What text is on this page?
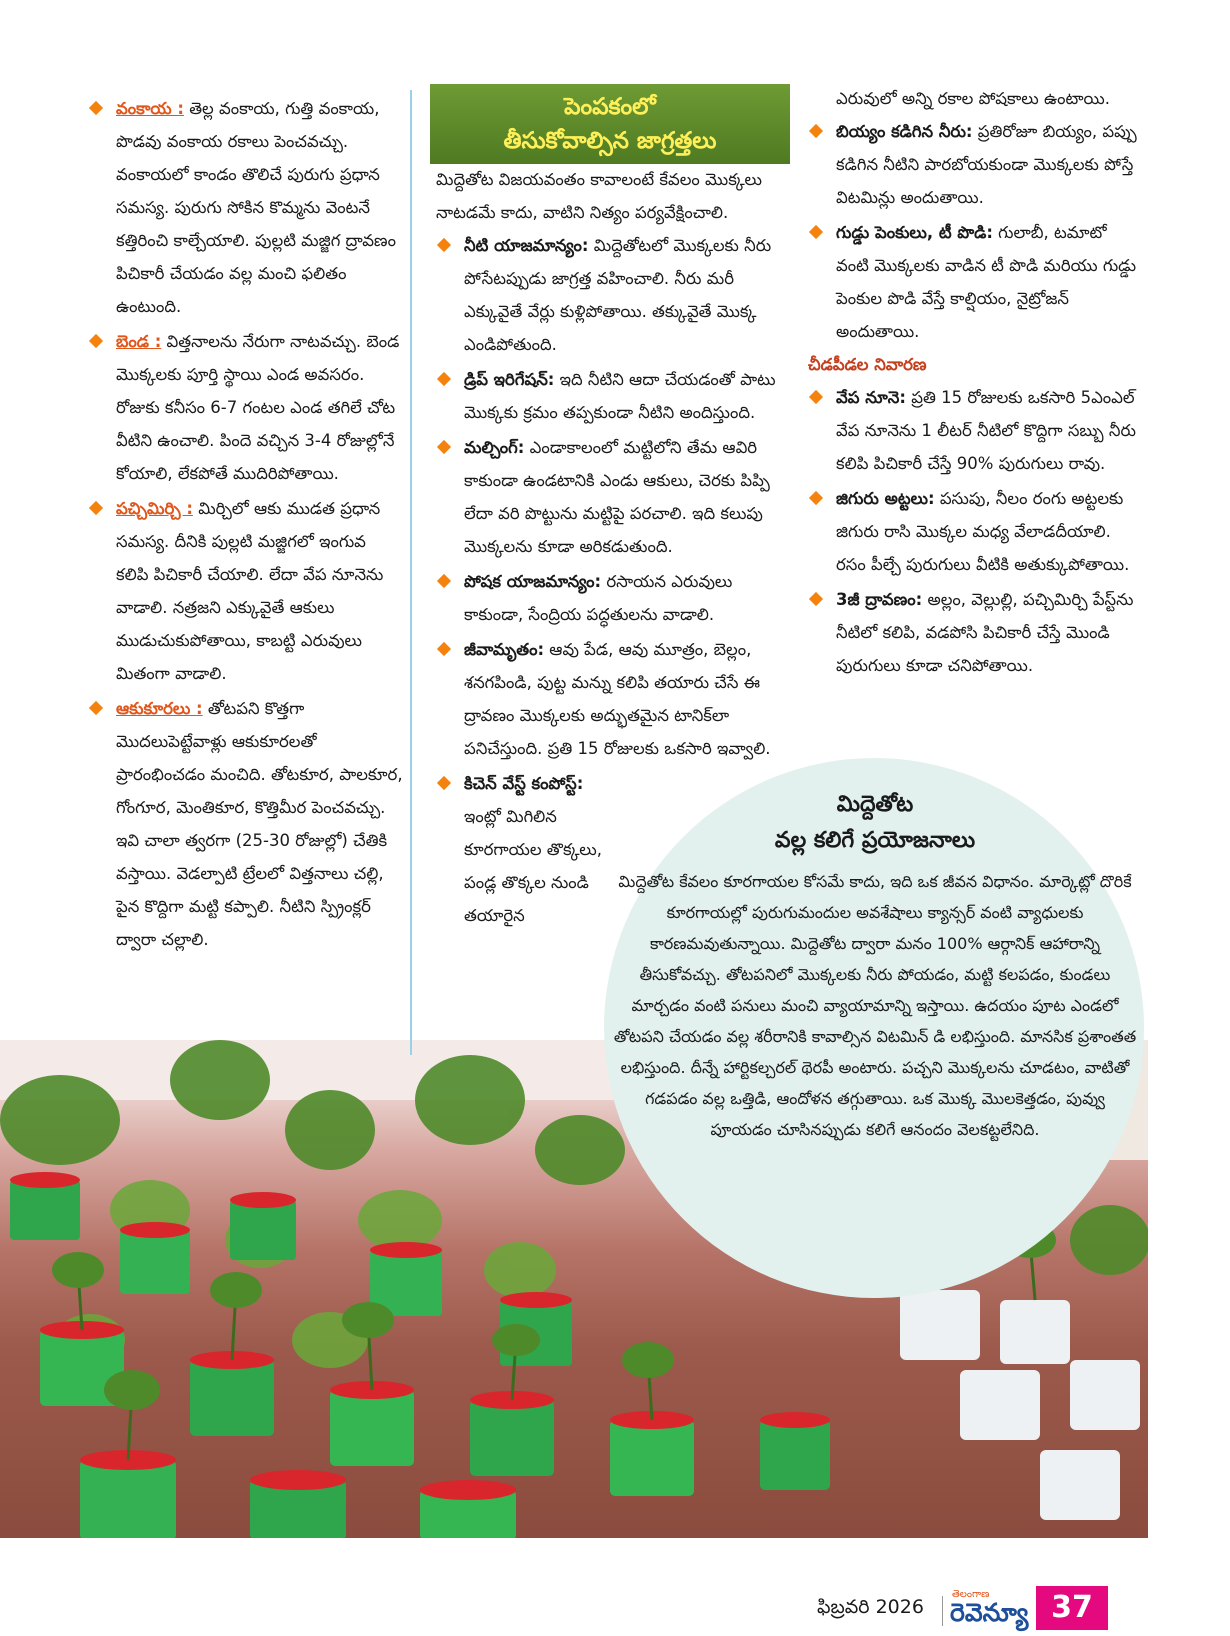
వంకాయ : తెల్ల వంకాయ, గుత్తి వంకాయ, పొడవు వంకాయ రకాలు పెంచవచ్చు. వంకాయలో కాండం తొలిచే పురుగు ప్రధాన సమస్య. పురుగు సోకిన కొమ్మను వెంటనే కత్తిరించి కాల్చేయాలి. పుల్లటి మజ్జిగ ద్రావణం పిచికారీ చేయడం వల్ల మంచి ఫలితం ఉంటుంది.

బెండ : విత్తనాలను నేరుగా నాటవచ్చు. బెండ మొక్కలకు పూర్తి స్థాయి ఎండ అవసరం. రోజుకు కనీసం 6-7 గంటల ఎండ తగిలే చోట వీటిని ఉంచాలి. పిందె వచ్చిన 3-4 రోజుల్లోనే కోయాలి, లేకపోతే ముదిరిపోతాయి.

పచ్చిమిర్చి : మిర్చిలో ఆకు ముడత ప్రధాన సమస్య. దీనికి పుల్లటి మజ్జిగలో ఇంగువ కలిపి పిచికారీ చేయాలి. లేదా వేప నూనెను వాడాలి. నత్రజని ఎక్కువైతే ఆకులు ముడుచుకుపోతాయి, కాబట్టి ఎరువులు మితంగా వాడాలి.

ఆకుకూరలు : తోటపని కొత్తగా మొదలుపెట్టేవాళ్లు ఆకుకూరలతో ప్రారంభించడం మంచిది. తోటకూర, పాలకూర, గోంగూర, మెంతికూర, కొత్తిమీర పెంచవచ్చు. ఇవి చాలా త్వరగా (25-30 రోజుల్లో) చేతికి వస్తాయి. వెడల్పాటి ట్రేలలో విత్తనాలు చల్లి, పైన కొద్దిగా మట్టి కప్పాలి. నీటిని స్ప్రింక్లర్ ద్వారా చల్లాలి.

పెంపకంలో
తీసుకోవాల్సిన జాగ్రత్తలు

మిద్దెతోట విజయవంతం కావాలంటే కేవలం మొక్కలు నాటడమే కాదు, వాటిని నిత్యం పర్యవేక్షించాలి.

నీటి యాజమాన్యం: మిద్దెతోటలో మొక్కలకు నీరు పోసేటప్పుడు జాగ్రత్త వహించాలి. నీరు మరీ ఎక్కువైతే వేర్లు కుళ్లిపోతాయి. తక్కువైతే మొక్క ఎండిపోతుంది.

డ్రిప్ ఇరిగేషన్: ఇది నీటిని ఆదా చేయడంతో పాటు మొక్కకు క్రమం తప్పకుండా నీటిని అందిస్తుంది.

మల్చింగ్: ఎండాకాలంలో మట్టిలోని తేమ ఆవిరి కాకుండా ఉండటానికి ఎండు ఆకులు, చెరకు పిప్పి లేదా వరి పొట్టును మట్టిపై పరచాలి. ఇది కలుపు మొక్కలను కూడా అరికడుతుంది.

పోషక యాజమాన్యం: రసాయన ఎరువులు కాకుండా, సేంద్రియ పద్ధతులను వాడాలి.

జీవామృతం: ఆవు పేడ, ఆవు మూత్రం, బెల్లం, శనగపిండి, పుట్ట మన్ను కలిపి తయారు చేసే ఈ ద్రావణం మొక్కలకు అద్భుతమైన టానిక్‌లా పనిచేస్తుంది. ప్రతి 15 రోజులకు ఒకసారి ఇవ్వాలి.

కిచెన్ వేస్ట్ కంపోస్ట్: ఇంట్లో మిగిలిన కూరగాయల తొక్కలు, పండ్ల తొక్కల నుండి తయారైన

ఎరువులో అన్ని రకాల పోషకాలు ఉంటాయి.

బియ్యం కడిగిన నీరు: ప్రతిరోజూ బియ్యం, పప్పు కడిగిన నీటిని పారబోయకుండా మొక్కలకు పోస్తే విటమిన్లు అందుతాయి.

గుడ్డు పెంకులు, టీ పొడి: గులాబీ, టమాటో వంటి మొక్కలకు వాడిన టీ పొడి మరియు గుడ్డు పెంకుల పొడి వేస్తే కాల్షియం, నైట్రోజన్ అందుతాయి.

చీడపీడల నివారణ

వేప నూనె: ప్రతి 15 రోజులకు ఒకసారి 5ఎంఎల్ వేప నూనెను 1 లీటర్ నీటిలో కొద్దిగా సబ్బు నీరు కలిపి పిచికారీ చేస్తే 90% పురుగులు రావు.

జిగురు అట్టలు: పసుపు, నీలం రంగు అట్టలకు జిగురు రాసి మొక్కల మధ్య వేలాడదీయాలి. రసం పీల్చే పురుగులు వీటికి అతుక్కుపోతాయి.

3జీ ద్రావణం: అల్లం, వెల్లుల్లి, పచ్చిమిర్చి పేస్ట్‌ను నీటిలో కలిపి, వడపోసి పిచికారీ చేస్తే మొండి పురుగులు కూడా చనిపోతాయి.

మిద్దెతోట
వల్ల కలిగే ప్రయోజనాలు
మిద్దెతోట కేవలం కూరగాయల కోసమే కాదు, ఇది ఒక జీవన విధానం. మార్కెట్లో దొరికే కూరగాయల్లో పురుగుమందుల అవశేషాలు క్యాన్సర్ వంటి వ్యాధులకు కారణమవుతున్నాయి. మిద్దెతోట ద్వారా మనం 100% ఆర్గానిక్ ఆహారాన్ని తీసుకోవచ్చు. తోటపనిలో మొక్కలకు నీరు పోయడం, మట్టి కలపడం, కుండలు మార్చడం వంటి పనులు మంచి వ్యాయామాన్ని ఇస్తాయి. ఉదయం పూట ఎండలో తోటపని చేయడం వల్ల శరీరానికి కావాల్సిన విటమిన్ డి లభిస్తుంది. మానసిక ప్రశాంతత లభిస్తుంది. దీన్నే హార్టికల్చరల్ థెరపీ అంటారు. పచ్చని మొక్కలను చూడటం, వాటితో గడపడం వల్ల ఒత్తిడి, ఆందోళన తగ్గుతాయి. ఒక మొక్క మొలకెత్తడం, పువ్వు పూయడం చూసినప్పుడు కలిగే ఆనందం వెలకట్టలేనిది.
ఫిబ్రవరి 2026
తెలంగాణ
రెవెన్యూ 37
